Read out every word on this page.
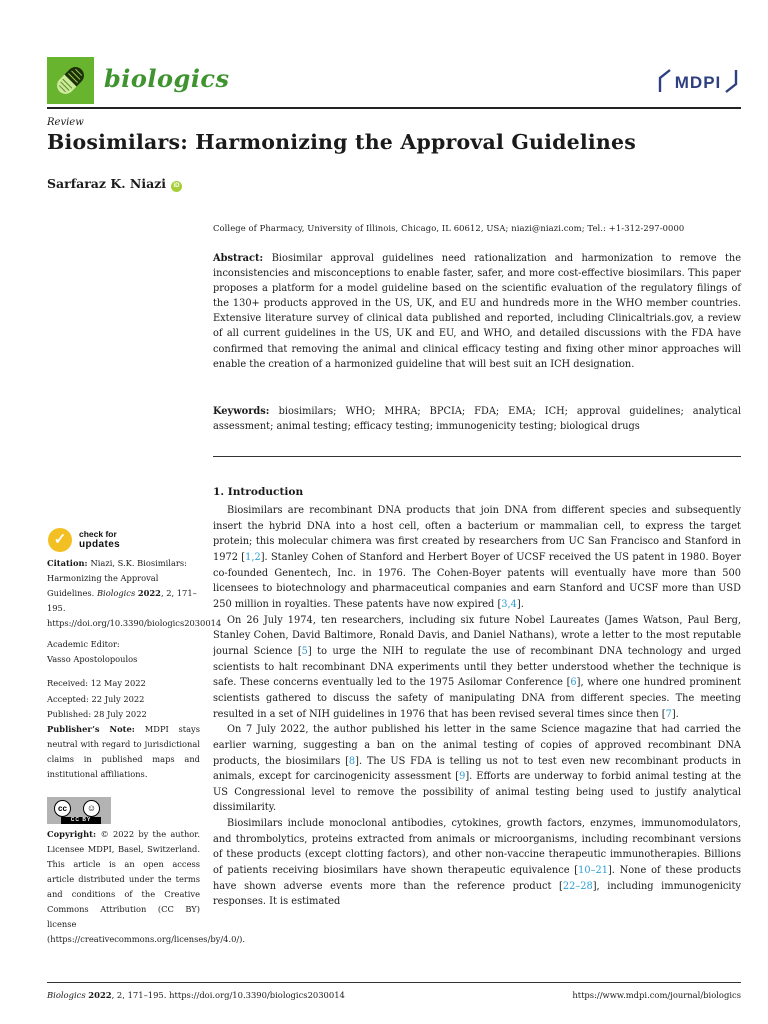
biologics	MDPI
Review
Biosimilars: Harmonizing the Approval Guidelines
Sarfaraz K. Niazi iD
College of Pharmacy, University of Illinois, Chicago, IL 60612, USA; niazi@niazi.com; Tel.: +1-312-297-0000
Abstract: Biosimilar approval guidelines need rationalization and harmonization to remove the inconsistencies and misconceptions to enable faster, safer, and more cost-effective biosimilars. This paper proposes a platform for a model guideline based on the scientific evaluation of the regulatory filings of the 130+ products approved in the US, UK, and EU and hundreds more in the WHO member countries. Extensive literature survey of clinical data published and reported, including Clinicaltrials.gov, a review of all current guidelines in the US, UK and EU, and WHO, and detailed discussions with the FDA have confirmed that removing the animal and clinical efficacy testing and fixing other minor approaches will enable the creation of a harmonized guideline that will best suit an ICH designation.
Keywords: biosimilars; WHO; MHRA; BPCIA; FDA; EMA; ICH; approval guidelines; analytical assessment; animal testing; efficacy testing; immunogenicity testing; biological drugs
1. Introduction

Biosimilars are recombinant DNA products that join DNA from different species and subsequently insert the hybrid DNA into a host cell, often a bacterium or mammalian cell, to express the target protein; this molecular chimera was first created by researchers from UC San Francisco and Stanford in 1972 [1,2]. Stanley Cohen of Stanford and Herbert Boyer of UCSF received the US patent in 1980. Boyer co-founded Genentech, Inc. in 1976. The Cohen-Boyer patents will eventually have more than 500 licensees to biotechnology and pharmaceutical companies and earn Stanford and UCSF more than USD 250 million in royalties. These patents have now expired [3,4].

On 26 July 1974, ten researchers, including six future Nobel Laureates (James Watson, Paul Berg, Stanley Cohen, David Baltimore, Ronald Davis, and Daniel Nathans), wrote a letter to the most reputable journal Science [5] to urge the NIH to regulate the use of recombinant DNA technology and urged scientists to halt recombinant DNA experiments until they better understood whether the technique is safe. These concerns eventually led to the 1975 Asilomar Conference [6], where one hundred prominent scientists gathered to discuss the safety of manipulating DNA from different species. The meeting resulted in a set of NIH guidelines in 1976 that has been revised several times since then [7].

On 7 July 2022, the author published his letter in the same Science magazine that had carried the earlier warning, suggesting a ban on the animal testing of copies of approved recombinant DNA products, the biosimilars [8]. The US FDA is telling us not to test even new recombinant products in animals, except for carcinogenicity assessment [9]. Efforts are underway to forbid animal testing at the US Congressional level to remove the possibility of animal testing being used to justify analytical dissimilarity.

Biosimilars include monoclonal antibodies, cytokines, growth factors, enzymes, immunomodulators, and thrombolytics, proteins extracted from animals or microorganisms, including recombinant versions of these products (except clotting factors), and other non-vaccine therapeutic immunotherapies. Billions of patients receiving biosimilars have shown therapeutic equivalence [10–21]. None of these products have shown adverse events more than the reference product [22–28], including immunogenicity responses. It is estimated

✓	check for
updates
Citation: Niazi, S.K. Biosimilars: Harmonizing the Approval Guidelines. Biologics 2022, 2, 171–195. https://doi.org/10.3390/biologics2030014
Academic Editor:
Vasso Apostolopoulos
Received: 12 May 2022
Accepted: 22 July 2022
Published: 28 July 2022
Publisher’s Note: MDPI stays neutral with regard to jurisdictional claims in published maps and institutional affiliations.
cc	☺
CC BY
Copyright: © 2022 by the author. Licensee MDPI, Basel, Switzerland. This article is an open access article distributed under the terms and conditions of the Creative Commons Attribution (CC BY) license (https://creativecommons.org/licenses/by/4.0/).
Biologics 2022, 2, 171–195. https://doi.org/10.3390/biologics2030014	https://www.mdpi.com/journal/biologics
